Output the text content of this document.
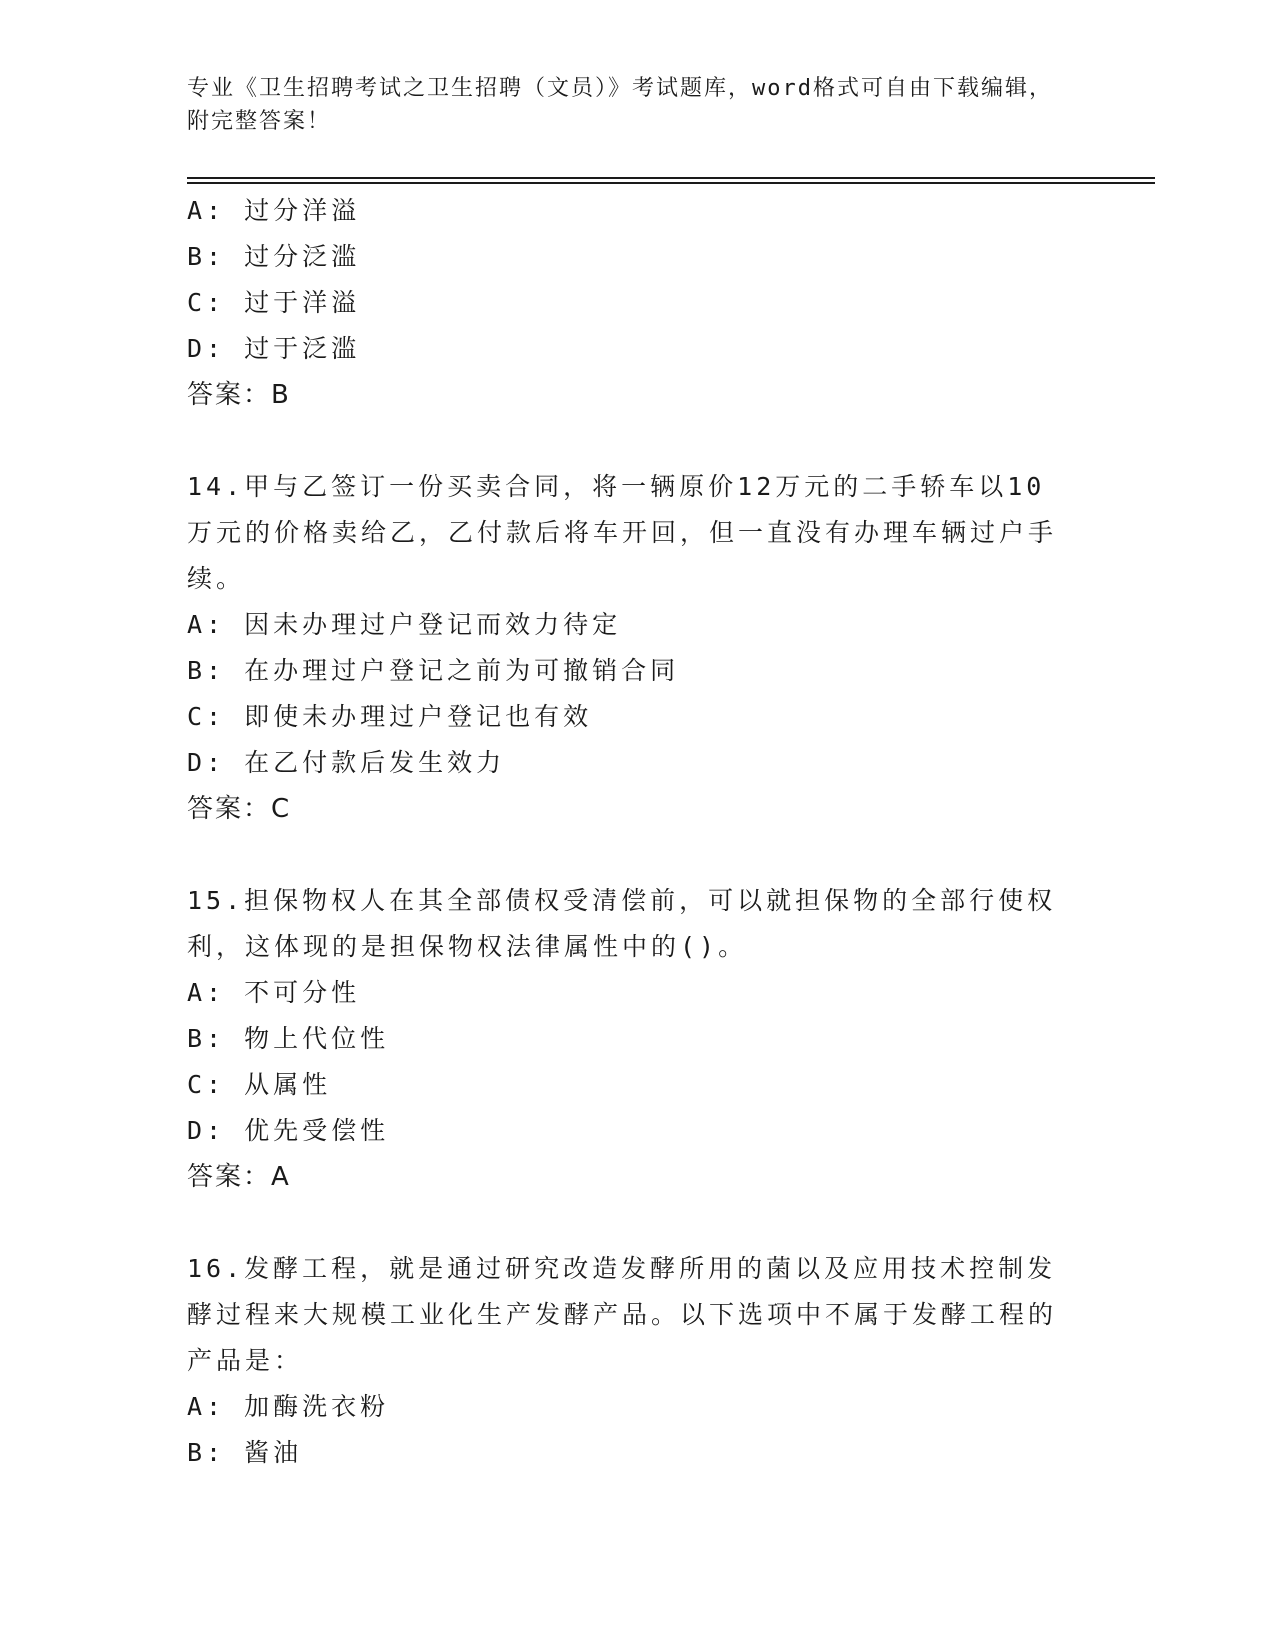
专业《卫生招聘考试之卫生招聘（文员）》考试题库，word格式可自由下载编辑，附完整答案！
A: 过分洋溢
B: 过分泛滥
C: 过于洋溢
D: 过于泛滥
答案：B
14.甲与乙签订一份买卖合同，将一辆原价12万元的二手轿车以10万元的价格卖给乙，乙付款后将车开回，但一直没有办理车辆过户手续。
A: 因未办理过户登记而效力待定
B: 在办理过户登记之前为可撤销合同
C: 即使未办理过户登记也有效
D: 在乙付款后发生效力
答案：C
15.担保物权人在其全部债权受清偿前，可以就担保物的全部行使权利，这体现的是担保物权法律属性中的()。
A: 不可分性
B: 物上代位性
C: 从属性
D: 优先受偿性
答案：A
16.发酵工程，就是通过研究改造发酵所用的菌以及应用技术控制发酵过程来大规模工业化生产发酵产品。以下选项中不属于发酵工程的产品是：
A: 加酶洗衣粉
B: 酱油
